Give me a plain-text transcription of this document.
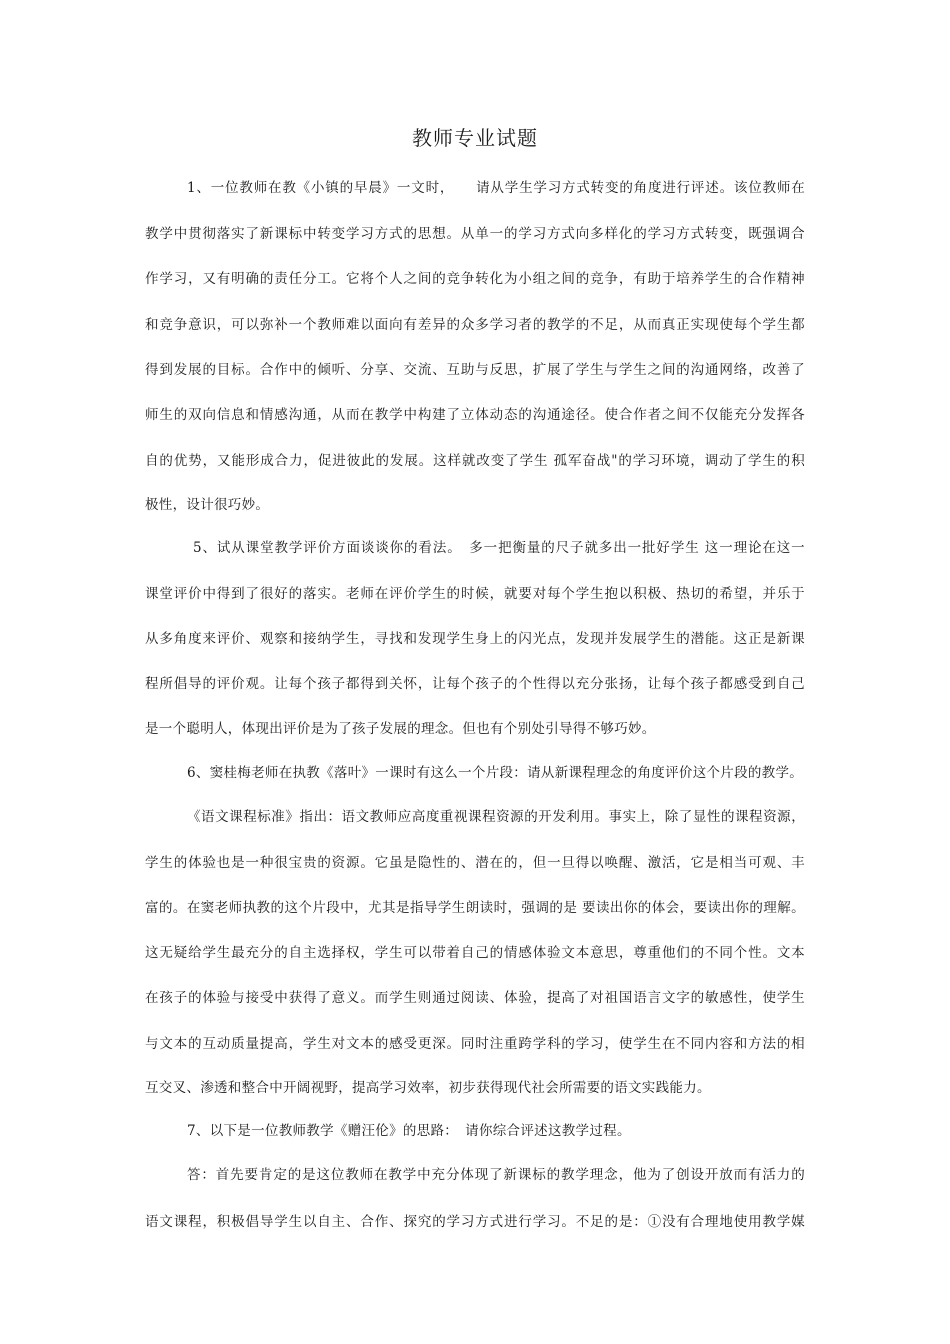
教师专业试题
1、一位教师在教《小镇的早晨》一文时，　　请从学生学习方式转变的角度进行评述。该位教师在
教学中贯彻落实了新课标中转变学习方式的思想。从单一的学习方式向多样化的学习方式转变，既强调合
作学习，又有明确的责任分工。它将个人之间的竞争转化为小组之间的竞争，有助于培养学生的合作精神
和竞争意识，可以弥补一个教师难以面向有差异的众多学习者的教学的不足，从而真正实现使每个学生都
得到发展的目标。合作中的倾听、分享、交流、互助与反思，扩展了学生与学生之间的沟通网络，改善了
师生的双向信息和情感沟通，从而在教学中构建了立体动态的沟通途径。使合作者之间不仅能充分发挥各
自的优势，又能形成合力，促进彼此的发展。这样就改变了学生 孤军奋战"的学习环境，调动了学生的积
极性，设计很巧妙。
5、试从课堂教学评价方面谈谈你的看法。　多一把衡量的尺子就多出一批好学生 这一理论在这一
课堂评价中得到了很好的落实。老师在评价学生的时候，就要对每个学生抱以积极、热切的希望，并乐于
从多角度来评价、观察和接纳学生，寻找和发现学生身上的闪光点，发现并发展学生的潜能。这正是新课
程所倡导的评价观。让每个孩子都得到关怀，让每个孩子的个性得以充分张扬，让每个孩子都感受到自己
是一个聪明人，体现出评价是为了孩子发展的理念。但也有个别处引导得不够巧妙。
6、窦桂梅老师在执教《落叶》一课时有这么一个片段：请从新课程理念的角度评价这个片段的教学。
《语文课程标准》指出：语文教师应高度重视课程资源的开发利用。事实上，除了显性的课程资源，
学生的体验也是一种很宝贵的资源。它虽是隐性的、潜在的，但一旦得以唤醒、激活，它是相当可观、丰
富的。在窦老师执教的这个片段中，尤其是指导学生朗读时，强调的是 要读出你的体会，要读出你的理解。
这无疑给学生最充分的自主选择权，学生可以带着自己的情感体验文本意思，尊重他们的不同个性。文本
在孩子的体验与接受中获得了意义。而学生则通过阅读、体验，提高了对祖国语言文字的敏感性，使学生
与文本的互动质量提高，学生对文本的感受更深。同时注重跨学科的学习，使学生在不同内容和方法的相
互交叉、渗透和整合中开阔视野，提高学习效率，初步获得现代社会所需要的语文实践能力。
7、以下是一位教师教学《赠汪伦》的思路：　请你综合评述这教学过程。
答：首先要肯定的是这位教师在教学中充分体现了新课标的教学理念，他为了创设开放而有活力的
语文课程，积极倡导学生以自主、合作、探究的学习方式进行学习。不足的是：①没有合理地使用教学媒
